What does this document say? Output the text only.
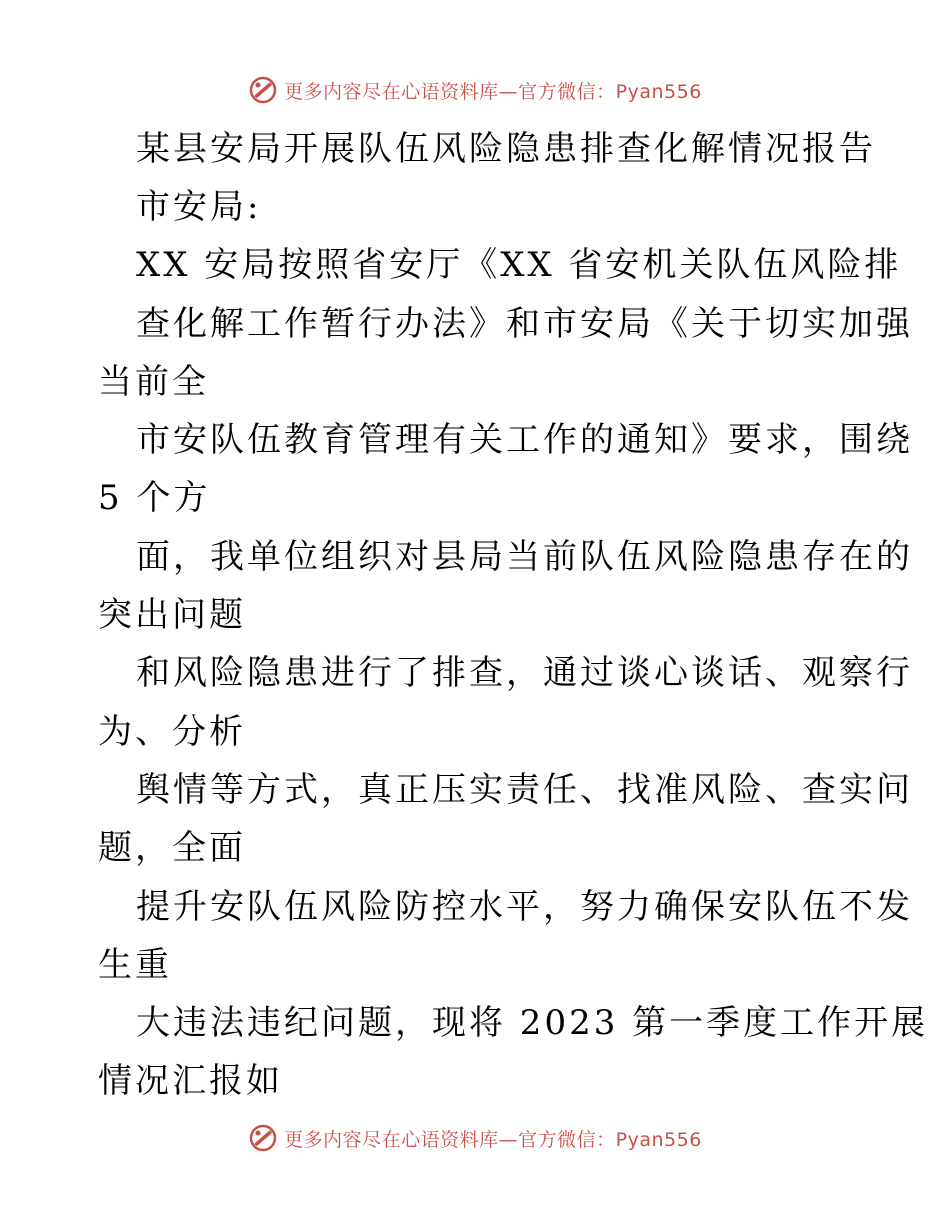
更多内容尽在心语资料库—官方微信：Pyan556
某县安局开展队伍风险隐患排查化解情况报告
市安局:
XX 安局按照省安厅《XX 省安机关队伍风险排
查化解工作暂行办法》和市安局《关于切实加强
当前全
市安队伍教育管理有关工作的通知》要求，围绕
5 个方
面，我单位组织对县局当前队伍风险隐患存在的
突出问题
和风险隐患进行了排查，通过谈心谈话、观察行
为、分析
舆情等方式，真正压实责任、找准风险、查实问
题，全面
提升安队伍风险防控水平，努力确保安队伍不发
生重
大违法违纪问题，现将 2023 第一季度工作开展
情况汇报如
更多内容尽在心语资料库—官方微信：Pyan556
